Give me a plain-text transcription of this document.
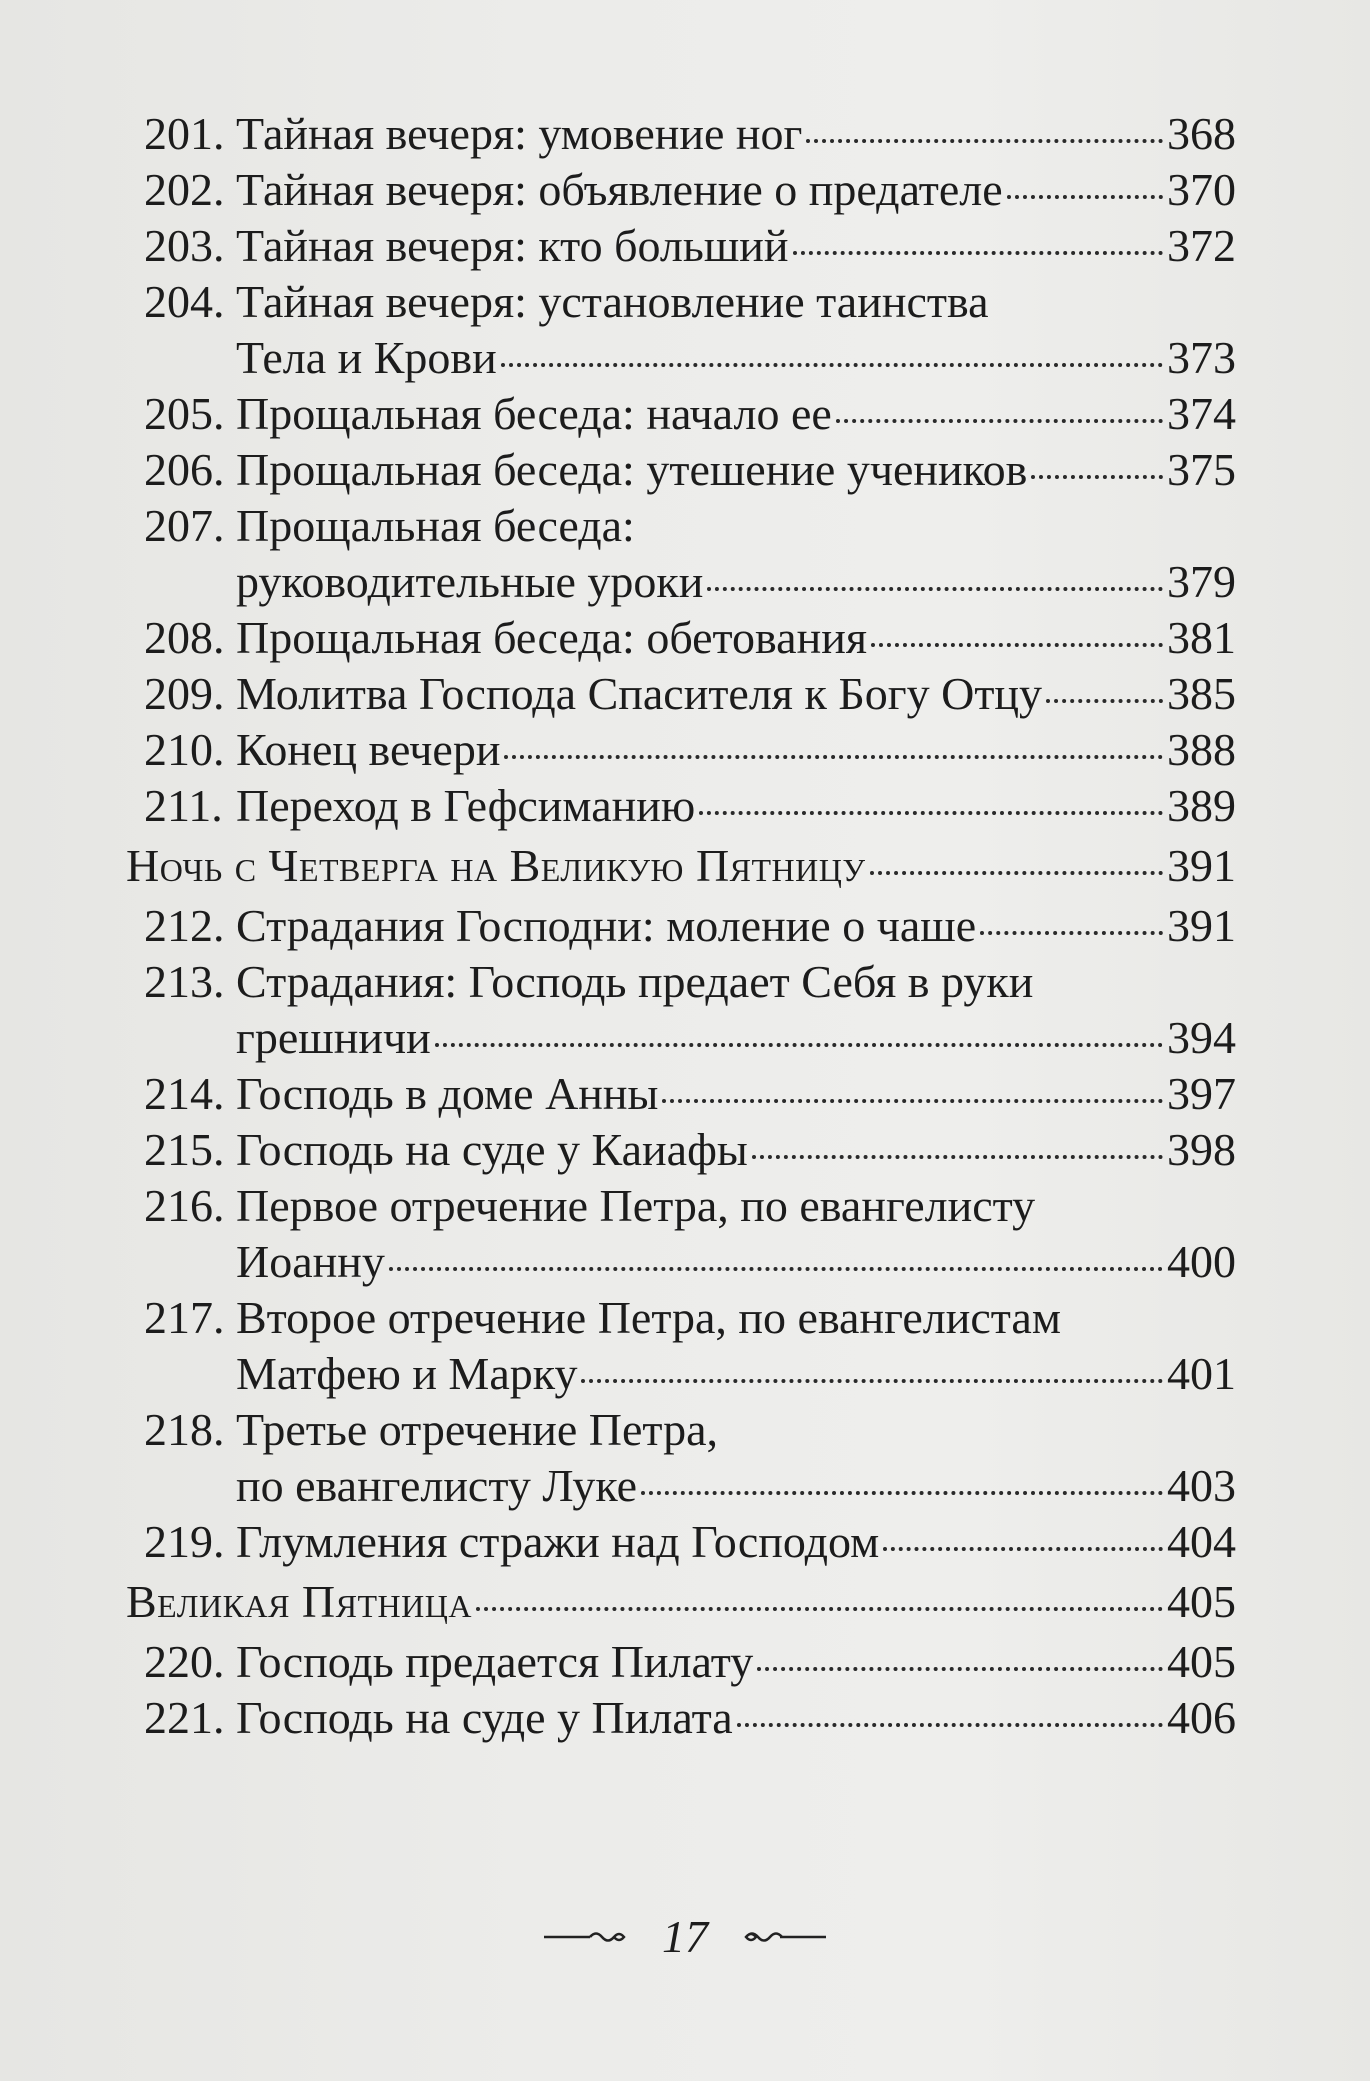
201. Тайная вечеря: умовение ног	368
202. Тайная вечеря: объявление о предателе	370
203. Тайная вечеря: кто больший	372
204. Тайная вечеря: установление таинства
Тела и Крови	373
205. Прощальная беседа: начало ее	374
206. Прощальная беседа: утешение учеников	375
207. Прощальная беседа:
руководительные уроки	379
208. Прощальная беседа: обетования	381
209. Молитва Господа Спасителя к Богу Отцу	385
210. Конец вечери	388
211. Переход в Гефсиманию	389
Ночь с Четверга на Великую Пятницу	391
212. Страдания Господни: моление о чаше	391
213. Страдания: Господь предает Себя в руки
грешничи	394
214. Господь в доме Анны	397
215. Господь на суде у Каиафы	398
216. Первое отречение Петра, по евангелисту
Иоанну	400
217. Второе отречение Петра, по евангелистам
Матфею и Марку	401
218. Третье отречение Петра,
по евангелисту Луке	403
219. Глумления стражи над Господом	404
Великая Пятница	405
220. Господь предается Пилату	405
221. Господь на суде у Пилата	406
17
